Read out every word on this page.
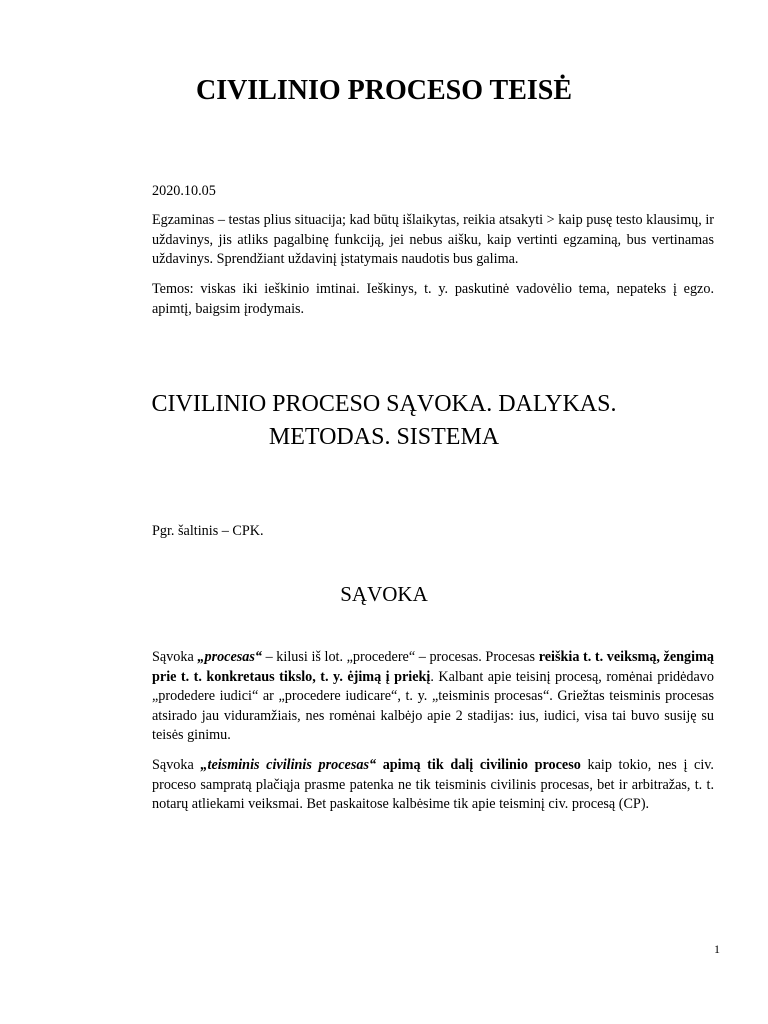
CIVILINIO PROCESO TEISĖ

2020.10.05

Egzaminas – testas plius situacija; kad būtų išlaikytas, reikia atsakyti > kaip pusę testo klausimų, ir uždavinys, jis atliks pagalbinę funkciją, jei nebus aišku, kaip vertinti egzaminą, bus vertinamas uždavinys. Sprendžiant uždavinį įstatymais naudotis bus galima.

Temos: viskas iki ieškinio imtinai. Ieškinys, t. y. paskutinė vadovėlio tema, nepateks į egzo. apimtį, baigsim įrodymais.

CIVILINIO PROCESO SĄVOKA. DALYKAS.
METODAS. SISTEMA

Pgr. šaltinis – CPK.

SĄVOKA

Sąvoka „procesas“ – kilusi iš lot. „procedere“ – procesas. Procesas reiškia t. t. veiksmą, žengimą prie t. t. konkretaus tikslo, t. y. ėjimą į priekį. Kalbant apie teisinį procesą, romėnai pridėdavo „prodedere iudici“ ar „procedere iudicare“, t. y. „teisminis procesas“. Griežtas teisminis procesas atsirado jau viduramžiais, nes romėnai kalbėjo apie 2 stadijas: ius, iudici, visa tai buvo susiję su teisės ginimu.

Sąvoka „teisminis civilinis procesas“ apimą tik dalį civilinio proceso kaip tokio, nes į civ. proceso sampratą plačiąja prasme patenka ne tik teisminis civilinis procesas, bet ir arbitražas, t. t. notarų atliekami veiksmai. Bet paskaitose kalbėsime tik apie teisminį civ. procesą (CP).

1
